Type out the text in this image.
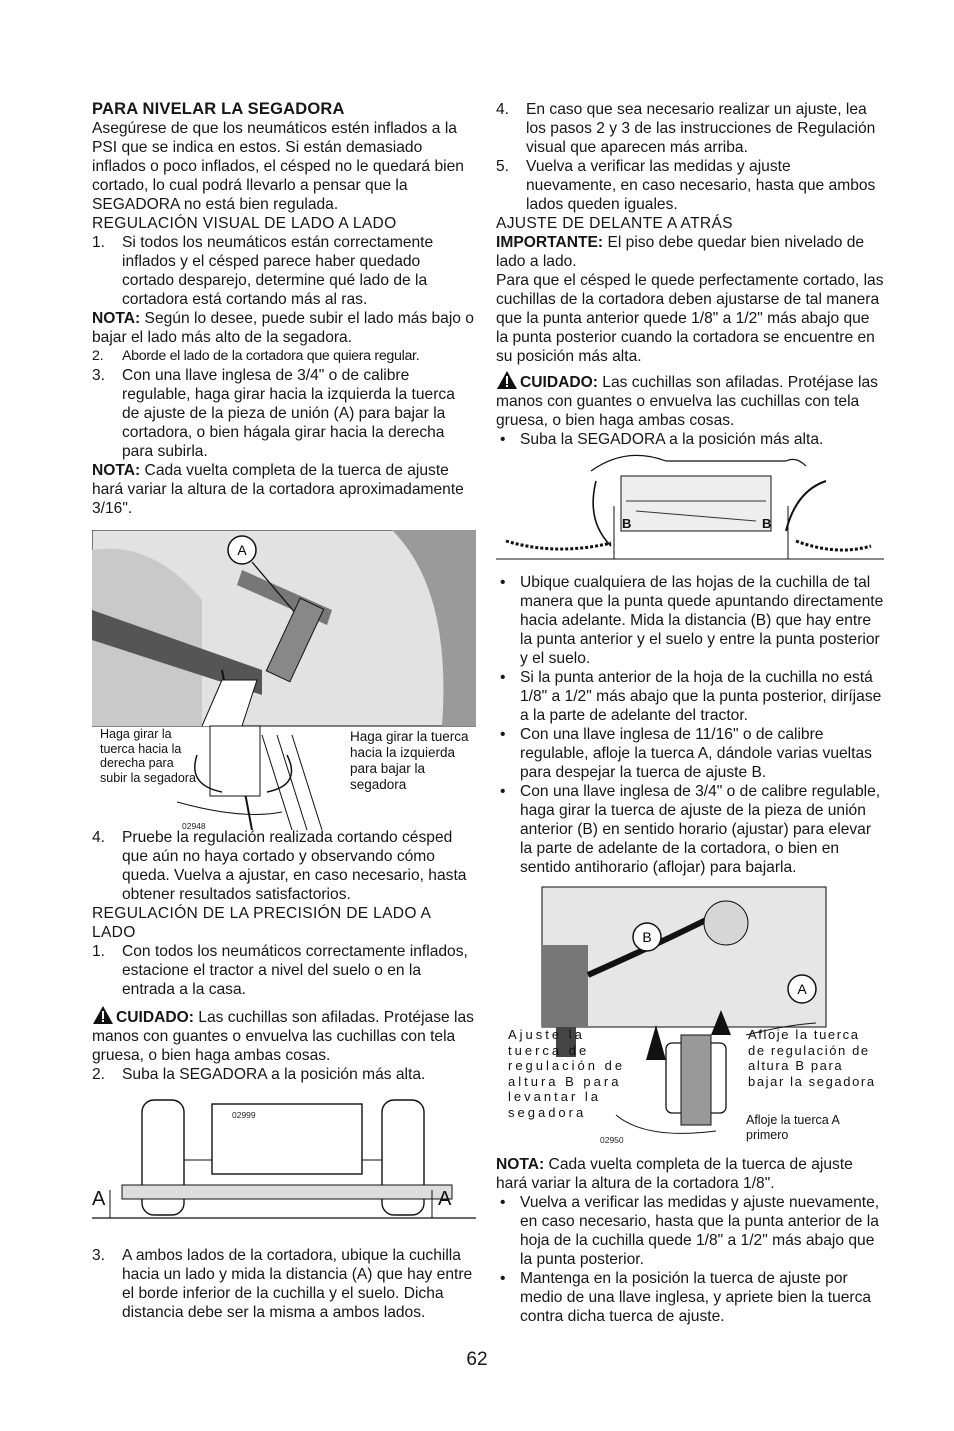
PARA NIVELAR LA SEGADORA

Asegúrese de que los neumáticos estén inflados a la PSI que se indica en estos. Si están demasiado inflados o poco inflados, el césped no le quedará bien cortado, lo cual podrá llevarlo a pensar que la SEGADORA no está bien regulada.

REGULACIÓN VISUAL DE LADO A LADO

1. Si todos los neumáticos están correctamente inflados y el césped parece haber quedado cortado desparejo, determine qué lado de la cortadora está cortando más al ras.

NOTA: Según lo desee, puede subir el lado más bajo o bajar el lado más alto de la segadora.

2. Aborde el lado de la cortadora que quiera regular.
3. Con una llave inglesa de 3/4" o de calibre regulable, haga girar hacia la izquierda la tuerca de ajuste de la pieza de unión (A) para bajar la cortadora, o bien hágala girar hacia la derecha para subirla.

NOTA: Cada vuelta completa de la tuerca de ajuste hará variar la altura de la cortadora aproximadamente 3/16".

A
Haga girar la tuerca hacia la derecha para subir la segadora
Haga girar la tuerca hacia la izquierda para bajar la segadora
02948
4. Pruebe la regulación realizada cortando césped que aún no haya cortado y observando cómo queda. Vuelva a ajustar, en caso necesario, hasta obtener resultados satisfactorios.

REGULACIÓN DE LA PRECISIÓN DE LADO A LADO

1. Con todos los neumáticos correctamente inflados, estacione el tractor a nivel del suelo o en la entrada a la casa.

CUIDADO: Las cuchillas son afiladas. Protéjase las manos con guantes o envuelva las cuchillas con tela gruesa, o bien haga ambas cosas.

2. Suba la SEGADORA a la posición más alta.
A	A
02999
3. A ambos lados de la cortadora, ubique la cuchilla hacia un lado y mida la distancia (A) que hay entre el borde inferior de la cuchilla y el suelo. Dicha distancia debe ser la misma a ambos lados.
4. En caso que sea necesario realizar un ajuste, lea los pasos 2 y 3 de las instrucciones de Regulación visual que aparecen más arriba.
5. Vuelva a verificar las medidas y ajuste nuevamente, en caso necesario, hasta que ambos lados queden iguales.

AJUSTE DE DELANTE A ATRÁS

IMPORTANTE: El piso debe quedar bien nivelado de lado a lado.

Para que el césped le quede perfectamente cortado, las cuchillas de la cortadora deben ajustarse de tal manera que la punta anterior quede 1/8" a 1/2" más abajo que la punta posterior cuando la cortadora se encuentre en su posición más alta.

CUIDADO: Las cuchillas son afiladas. Protéjase las manos con guantes o envuelva las cuchillas con tela gruesa, o bien haga ambas cosas.

• Suba la SEGADORA a la posición más alta.
B	B
• Ubique cualquiera de las hojas de la cuchilla de tal manera que la punta quede apuntando directamente hacia adelante. Mida la distancia (B) que hay entre la punta anterior y el suelo y entre la punta posterior y el suelo.
• Si la punta anterior de la hoja de la cuchilla no está 1/8" a 1/2" más abajo que la punta posterior, diríjase a la parte de adelante del tractor.
• Con una llave inglesa de 11/16" o de calibre regulable, afloje la tuerca A, dándole varias vueltas para despejar la tuerca de ajuste B.
• Con una llave inglesa de 3/4" o de calibre regulable, haga girar la tuerca de ajuste de la pieza de unión anterior (B) en sentido horario (ajustar) para elevar la parte de adelante de la cortadora, o bien en sentido antihorario (aflojar) para bajarla.
B
A
Ajuste la tuerca de regulación de altura B para levantar la segadora
Afloje la tuerca de regulación de altura B para bajar la segadora
Afloje la tuerca A primero
02950

NOTA: Cada vuelta completa de la tuerca de ajuste hará variar la altura de la cortadora 1/8".

• Vuelva a verificar las medidas y ajuste nuevamente, en caso necesario, hasta que la punta anterior de la hoja de la cuchilla quede 1/8" a 1/2" más abajo que la punta posterior.
• Mantenga en la posición la tuerca de ajuste por medio de una llave inglesa, y apriete bien la tuerca contra dicha tuerca de ajuste.
62
